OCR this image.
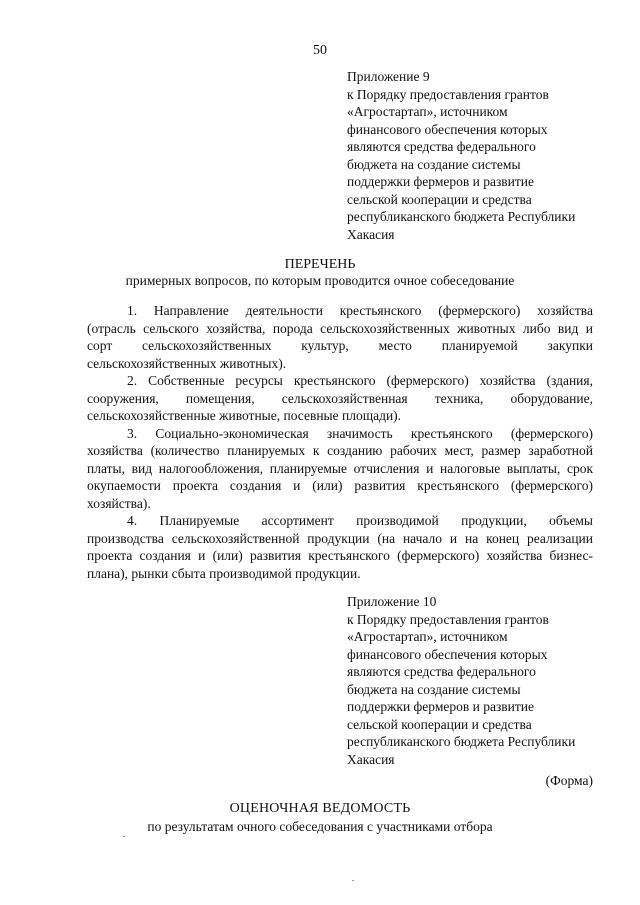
50
Приложение 9
к Порядку предоставления грантов
«Агростартап», источником
финансового обеспечения которых
являются средства федерального
бюджета на создание системы
поддержки фермеров и развитие
сельской кооперации и средства
республиканского бюджета Республики
Хакасия
ПЕРЕЧЕНЬ
примерных вопросов, по которым проводится очное собеседование
1. Направление деятельности крестьянского (фермерского) хозяйства
(отрасль сельского хозяйства, порода сельскохозяйственных животных либо вид и
сорт сельскохозяйственных культур, место планируемой закупки
сельскохозяйственных животных).
2. Собственные ресурсы крестьянского (фермерского) хозяйства (здания,
сооружения, помещения, сельскохозяйственная техника, оборудование,
сельскохозяйственные животные, посевные площади).
3. Социально-экономическая значимость крестьянского (фермерского)
хозяйства (количество планируемых к созданию рабочих мест, размер заработной
платы, вид налогообложения, планируемые отчисления и налоговые выплаты, срок
окупаемости проекта создания и (или) развития крестьянского (фермерского)
хозяйства).
4. Планируемые ассортимент производимой продукции, объемы
производства сельскохозяйственной продукции (на начало и на конец реализации
проекта создания и (или) развития крестьянского (фермерского) хозяйства бизнес-
плана), рынки сбыта производимой продукции.
Приложение 10
к Порядку предоставления грантов
«Агростартап», источником
финансового обеспечения которых
являются средства федерального
бюджета на создание системы
поддержки фермеров и развитие
сельской кооперации и средства
республиканского бюджета Республики
Хакасия
(Форма)
ОЦЕНОЧНАЯ ВЕДОМОСТЬ
по результатам очного собеседования с участниками отбора
